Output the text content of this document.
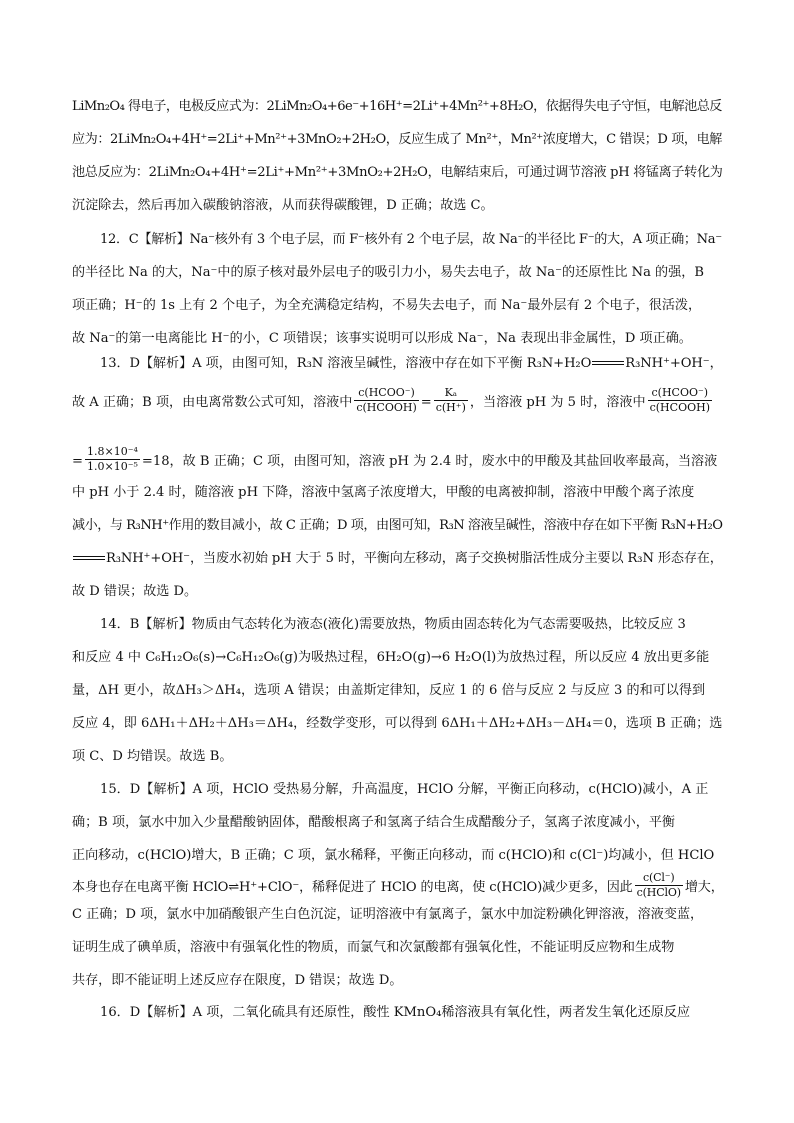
LiMn₂O₄ 得电子，电极反应式为：2LiMn₂O₄+6e⁻+16H⁺=2Li⁺+4Mn²⁺+8H₂O，依据得失电子守恒，电解池总反
应为：2LiMn₂O₄+4H⁺=2Li⁺+Mn²⁺+3MnO₂+2H₂O，反应生成了 Mn²⁺，Mn²⁺浓度增大，C 错误；D 项，电解
池总反应为：2LiMn₂O₄+4H⁺=2Li⁺+Mn²⁺+3MnO₂+2H₂O，电解结束后，可通过调节溶液 pH 将锰离子转化为
沉淀除去，然后再加入碳酸钠溶液，从而获得碳酸锂，D 正确；故选 C。
12．C【解析】Na⁻核外有 3 个电子层，而 F⁻核外有 2 个电子层，故 Na⁻的半径比 F⁻的大，A 项正确；Na⁻
的半径比 Na 的大，Na⁻中的原子核对最外层电子的吸引力小，易失去电子，故 Na⁻的还原性比 Na 的强，B
项正确；H⁻的 1s 上有 2 个电子，为全充满稳定结构，不易失去电子，而 Na⁻最外层有 2 个电子，很活泼，
故 Na⁻的第一电离能比 H⁻的小，C 项错误；该事实说明可以形成 Na⁻，Na 表现出非金属性，D 项正确。
13．D【解析】A 项，由图可知，R₃N 溶液呈碱性，溶液中存在如下平衡 R₃N+H₂O	R₃NH⁺+OH⁻，
故 A 正确；B 项，由电离常数公式可知，溶液中 $\frac{\text{c(HCOO⁻)}}{\text{c(HCOOH)}} = \frac{\text{Kₐ}}{c(H^+)}$ ，当溶液 pH 为 5 时，溶液中 $\frac{\text{c(HCOO⁻)}}{\text{c(HCOOH)}}$
= $\frac{\text{1.8×10⁻⁴}}{\text{1.0×10⁻⁵}} =18$，故 B 正确；C 项，由图可知，溶液 pH 为 2.4 时，废水中的甲酸及其盐回收率最高，当溶液
中 pH 小于 2.4 时，随溶液 pH 下降，溶液中氢离子浓度增大，甲酸的电离被抑制，溶液中甲酸个离子浓度
减小，与 R₃NH⁺作用的数目减小，故 C 正确；D 项，由图可知，R₃N 溶液呈碱性，溶液中存在如下平衡 R₃N+H₂O
R₃NH⁺+OH⁻，当废水初始 pH 大于 5 时，平衡向左移动，离子交换树脂活性成分主要以 R₃N 形态存在，
故 D 错误；故选 D。
14．B【解析】物质由气态转化为液态(液化)需要放热，物质由固态转化为气态需要吸热，比较反应 3
和反应 4 中 C₆H₁₂O₆(s)→C₆H₁₂O₆(g)为吸热过程，6H₂O(g)→6 H₂O(l)为放热过程，所以反应 4 放出更多能
量，ΔH 更小，故ΔH₃＞ΔH₄，选项 A 错误；由盖斯定律知，反应 1 的 6 倍与反应 2 与反应 3 的和可以得到
反应 4，即 6ΔH₁＋ΔH₂＋ΔH₃＝ΔH₄，经数学变形，可以得到 6ΔH₁＋ΔH₂+ΔH₃－ΔH₄＝0，选项 B 正确；选
项 C、D 均错误。故选 B。
15．D【解析】A 项，HClO 受热易分解，升高温度，HClO 分解，平衡正向移动，c(HClO)减小，A 正
确；B 项，氯水中加入少量醋酸钠固体，醋酸根离子和氢离子结合生成醋酸分子，氢离子浓度减小，平衡
正向移动，c(HClO)增大，B 正确；C 项，氯水稀释，平衡正向移动，而 c(HClO)和 c(Cl⁻)均减小，但 HClO
本身也存在电离平衡 HClO⇌H⁺+ClO⁻，稀释促进了 HClO 的电离，使 c(HClO)减少更多，因此 $\frac{c(Cl^-)}{\text{c(HClO)}}$ 增大，
C 正确；D 项，氯水中加硝酸银产生白色沉淀，证明溶液中有氯离子，氯水中加淀粉碘化钾溶液，溶液变蓝，
证明生成了碘单质，溶液中有强氧化性的物质，而氯气和次氯酸都有强氧化性，不能证明反应物和生成物
共存，即不能证明上述反应存在限度，D 错误；故选 D。
16．D【解析】A 项，二氧化硫具有还原性，酸性 KMnO₄稀溶液具有氧化性，两者发生氧化还原反应
